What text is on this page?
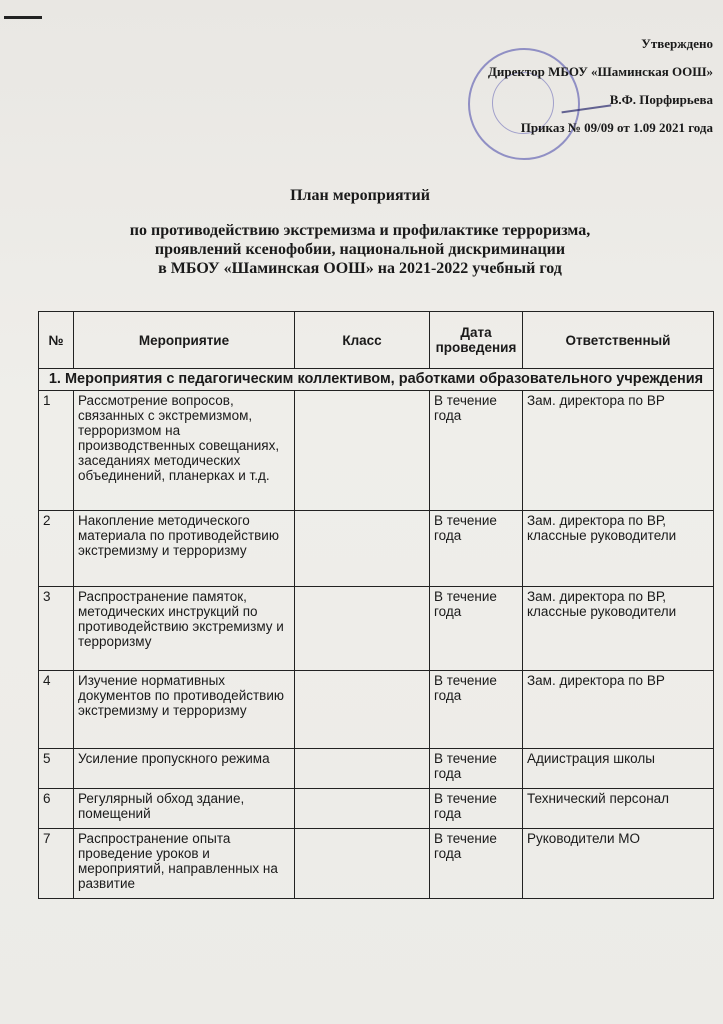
Утверждено
Директор МБОУ «Шаминская ООШ»
В.Ф. Порфирьева
Приказ № 09/09 от 1.09 2021 года
План мероприятий
по противодействию экстремизма и профилактике терроризма,
проявлений ксенофобии, национальной дискриминации
в МБОУ «Шаминская ООШ» на 2021-2022 учебный год
№	Мероприятие	Класс	Дата проведения	Ответственный
1. Мероприятия с педагогическим коллективом, работками образовательного учреждения				
1	Рассмотрение вопросов, связанных с экстремизмом, терроризмом на производственных совещаниях, заседаниях методических объединений, планерках и т.д.		В течение года	Зам. директора по ВР
2	Накопление методического материала по противодействию экстремизму и терроризму		В течение года	Зам. директора по ВР, классные руководители
3	Распространение памяток, методических инструкций по противодействию экстремизму и терроризму		В течение года	Зам. директора по ВР, классные руководители
4	Изучение нормативных документов по противодействию экстремизму и терроризму		В течение года	Зам. директора по ВР
5	Усиление пропускного режима		В течение года	Адиистрация школы
6	Регулярный обход здание, помещений		В течение года	Технический персонал
7	Распространение опыта проведение уроков и мероприятий, направленных на развитие		В течение года	Руководители МО
